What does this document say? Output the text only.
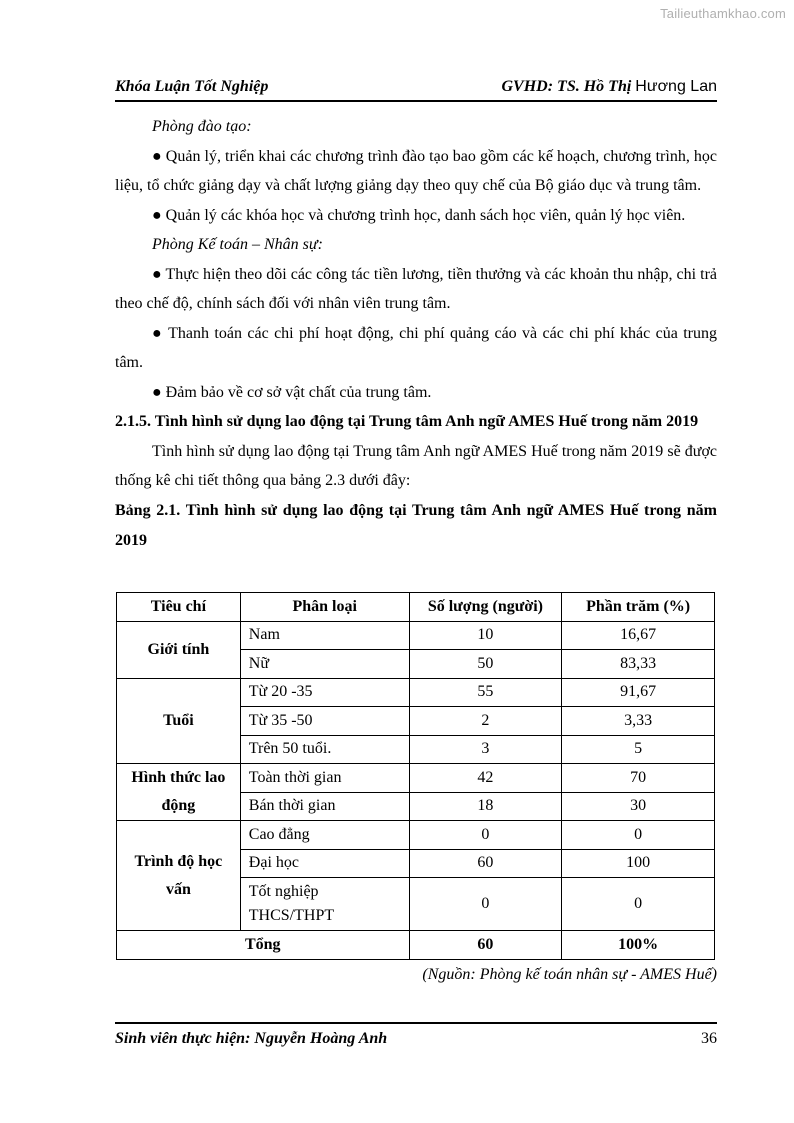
Tailieuthamkhao.com
Khóa Luận Tốt Nghiệp	GVHD: TS. Hồ Thị Hương Lan

Phòng đào tạo:

● Quản lý, triển khai các chương trình đào tạo bao gồm các kế hoạch, chương trình, học liệu, tổ chức giảng dạy và chất lượng giảng dạy theo quy chế của Bộ giáo dục và trung tâm.

● Quản lý các khóa học và chương trình học, danh sách học viên, quản lý học viên.

Phòng Kế toán – Nhân sự:

● Thực hiện theo dõi các công tác tiền lương, tiền thưởng và các khoản thu nhập, chi trả theo chế độ, chính sách đối với nhân viên trung tâm.

● Thanh toán các chi phí hoạt động, chi phí quảng cáo và các chi phí khác của trung tâm.

● Đảm bảo về cơ sở vật chất của trung tâm.

2.1.5. Tình hình sử dụng lao động tại Trung tâm Anh ngữ AMES Huế trong năm 2019

Tình hình sử dụng lao động tại Trung tâm Anh ngữ AMES Huế trong năm 2019 sẽ được thống kê chi tiết thông qua bảng 2.3 dưới đây:

Bảng 2.1. Tình hình sử dụng lao động tại Trung tâm Anh ngữ AMES Huế trong năm 2019

Tiêu chí	Phân loại	Số lượng (người)	Phần trăm (%)
Giới tính	Nam	10	16,67
	Nữ	50	83,33
Tuổi	Từ 20 -35	55	91,67
	Từ 35 -50	2	3,33
	Trên 50 tuổi.	3	5
Hình thức lao động	Toàn thời gian	42	70
	Bán thời gian	18	30
Trình độ học vấn	Cao đẳng	0	0
	Đại học	60	100
	Tốt nghiệp THCS/THPT	0	0
Tổng		60	100%
(Nguồn: Phòng kế toán nhân sự - AMES Huế)
Sinh viên thực hiện: Nguyễn Hoàng Anh	36
